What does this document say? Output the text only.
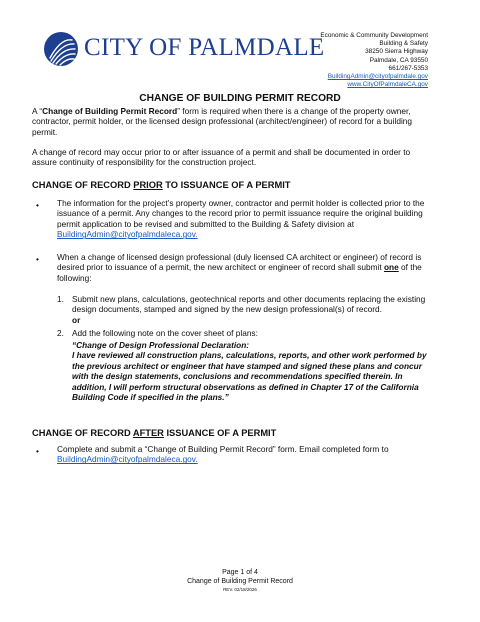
CITY OF PALMDALE
Economic & Community Development
Building & Safety
38250 Sierra Highway
Palmdale, CA 93550
661/267-5353
BuildingAdmin@cityofpalmdale.gov
www.CityOfPalmdaleCA.gov
CHANGE OF BUILDING PERMIT RECORD
A “Change of Building Permit Record” form is required when there is a change of the property owner, contractor, permit holder, or the licensed design professional (architect/engineer) of record for a building permit.
A change of record may occur prior to or after issuance of a permit and shall be documented in order to assure continuity of responsibility for the construction project.
CHANGE OF RECORD PRIOR TO ISSUANCE OF A PERMIT
• The information for the project’s property owner, contractor and permit holder is collected prior to the issuance of a permit. Any changes to the record prior to permit issuance require the original building permit application to be revised and submitted to the Building & Safety division at BuildingAdmin@cityofpalmdaleca.gov.
• When a change of licensed design professional (duly licensed CA architect or engineer) of record is desired prior to issuance of a permit, the new architect or engineer of record shall submit one of the following:
1. Submit new plans, calculations, geotechnical reports and other documents replacing the existing design documents, stamped and signed by the new design professional(s) of record.
or
2. Add the following note on the cover sheet of plans:
“Change of Design Professional Declaration:
I have reviewed all construction plans, calculations, reports, and other work performed by the previous architect or engineer that have stamped and signed these plans and concur with the design statements, conclusions and recommendations specified therein. In addition, I will perform structural observations as defined in Chapter 17 of the California Building Code if specified in the plans.”
CHANGE OF RECORD AFTER ISSUANCE OF A PERMIT
• Complete and submit a “Change of Building Permit Record” form. Email completed form to BuildingAdmin@cityofpalmdaleca.gov.
Page 1 of 4
Change of Building Permit Record
REV. 02/18/2026
